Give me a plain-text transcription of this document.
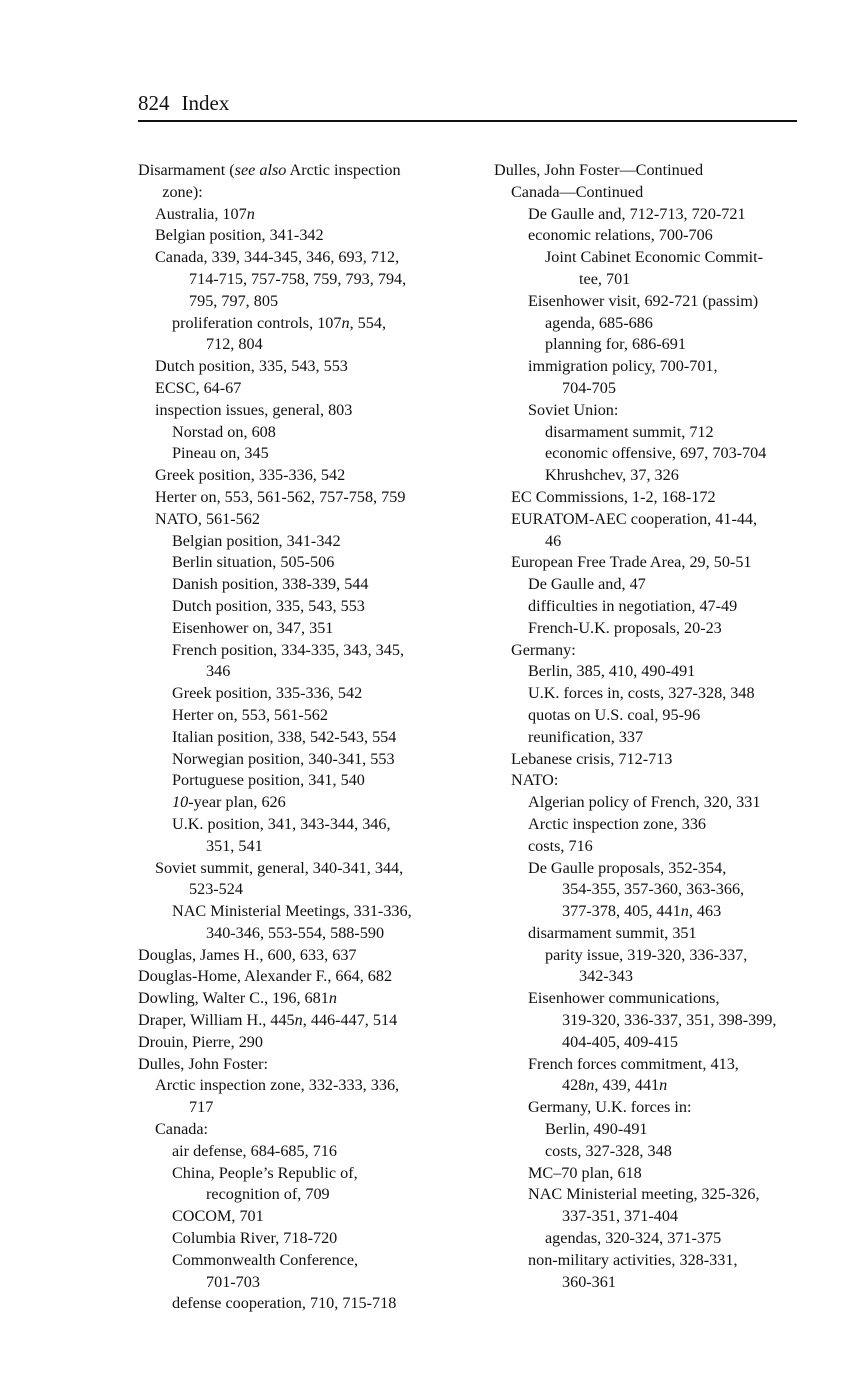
824 Index
Disarmament (see also Arctic inspection
zone):
Australia, 107n
Belgian position, 341-342
Canada, 339, 344-345, 346, 693, 712,
714-715, 757-758, 759, 793, 794,
795, 797, 805
proliferation controls, 107n, 554,
712, 804
Dutch position, 335, 543, 553
ECSC, 64-67
inspection issues, general, 803
Norstad on, 608
Pineau on, 345
Greek position, 335-336, 542
Herter on, 553, 561-562, 757-758, 759
NATO, 561-562
Belgian position, 341-342
Berlin situation, 505-506
Danish position, 338-339, 544
Dutch position, 335, 543, 553
Eisenhower on, 347, 351
French position, 334-335, 343, 345,
346
Greek position, 335-336, 542
Herter on, 553, 561-562
Italian position, 338, 542-543, 554
Norwegian position, 340-341, 553
Portuguese position, 341, 540
10-year plan, 626
U.K. position, 341, 343-344, 346,
351, 541
Soviet summit, general, 340-341, 344,
523-524
NAC Ministerial Meetings, 331-336,
340-346, 553-554, 588-590
Douglas, James H., 600, 633, 637
Douglas-Home, Alexander F., 664, 682
Dowling, Walter C., 196, 681n
Draper, William H., 445n, 446-447, 514
Drouin, Pierre, 290
Dulles, John Foster:
Arctic inspection zone, 332-333, 336,
717
Canada:
air defense, 684-685, 716
China, People’s Republic of,
recognition of, 709
COCOM, 701
Columbia River, 718-720
Commonwealth Conference,
701-703
defense cooperation, 710, 715-718
Dulles, John Foster—Continued
Canada—Continued
De Gaulle and, 712-713, 720-721
economic relations, 700-706
Joint Cabinet Economic Commit-
tee, 701
Eisenhower visit, 692-721 (passim)
agenda, 685-686
planning for, 686-691
immigration policy, 700-701,
704-705
Soviet Union:
disarmament summit, 712
economic offensive, 697, 703-704
Khrushchev, 37, 326
EC Commissions, 1-2, 168-172
EURATOM-AEC cooperation, 41-44,
46
European Free Trade Area, 29, 50-51
De Gaulle and, 47
difficulties in negotiation, 47-49
French-U.K. proposals, 20-23
Germany:
Berlin, 385, 410, 490-491
U.K. forces in, costs, 327-328, 348
quotas on U.S. coal, 95-96
reunification, 337
Lebanese crisis, 712-713
NATO:
Algerian policy of French, 320, 331
Arctic inspection zone, 336
costs, 716
De Gaulle proposals, 352-354,
354-355, 357-360, 363-366,
377-378, 405, 441n, 463
disarmament summit, 351
parity issue, 319-320, 336-337,
342-343
Eisenhower communications,
319-320, 336-337, 351, 398-399,
404-405, 409-415
French forces commitment, 413,
428n, 439, 441n
Germany, U.K. forces in:
Berlin, 490-491
costs, 327-328, 348
MC–70 plan, 618
NAC Ministerial meeting, 325-326,
337-351, 371-404
agendas, 320-324, 371-375
non-military activities, 328-331,
360-361
